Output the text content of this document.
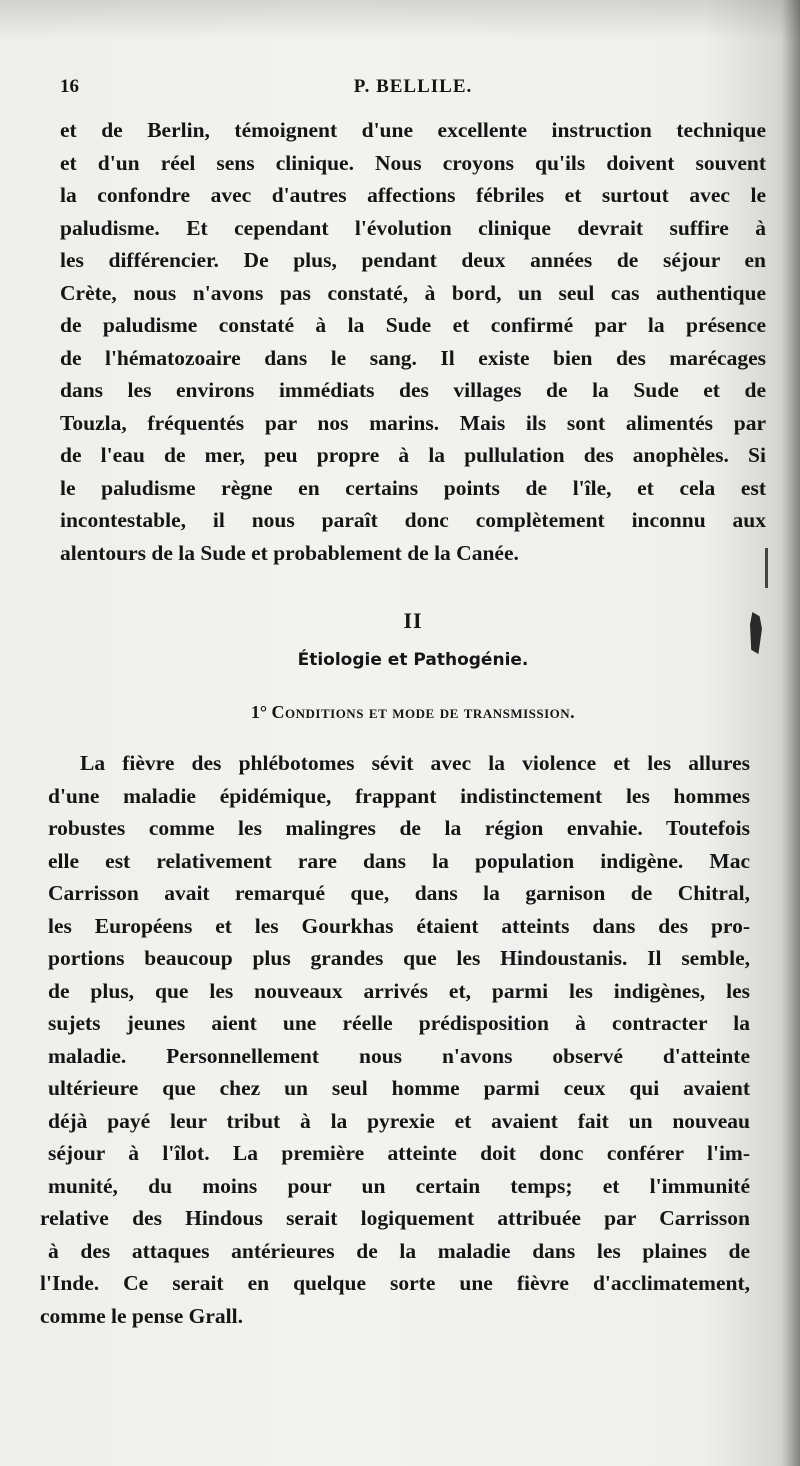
16	P. BELLILE.
et de Berlin, témoignent d'une excellente instruction technique
et d'un réel sens clinique. Nous croyons qu'ils doivent souvent
la confondre avec d'autres affections fébriles et surtout avec le
paludisme. Et cependant l'évolution clinique devrait suffire à
les différencier. De plus, pendant deux années de séjour en
Crète, nous n'avons pas constaté, à bord, un seul cas authentique
de paludisme constaté à la Sude et confirmé par la présence
de l'hématozoaire dans le sang. Il existe bien des marécages
dans les environs immédiats des villages de la Sude et de
Touzla, fréquentés par nos marins. Mais ils sont alimentés par
de l'eau de mer, peu propre à la pullulation des anophèles. Si
le paludisme règne en certains points de l'île, et cela est
incontestable, il nous paraît donc complètement inconnu aux
alentours de la Sude et probablement de la Canée.
II
Étiologie et Pathogénie.
1° Conditions et mode de transmission.
La fièvre des phlébotomes sévit avec la violence et les allures
d'une maladie épidémique, frappant indistinctement les hommes
robustes comme les malingres de la région envahie. Toutefois
elle est relativement rare dans la population indigène. Mac
Carrisson avait remarqué que, dans la garnison de Chitral,
les Européens et les Gourkhas étaient atteints dans des pro-
portions beaucoup plus grandes que les Hindoustanis. Il semble,
de plus, que les nouveaux arrivés et, parmi les indigènes, les
sujets jeunes aient une réelle prédisposition à contracter la
maladie. Personnellement nous n'avons observé d'atteinte
ultérieure que chez un seul homme parmi ceux qui avaient
déjà payé leur tribut à la pyrexie et avaient fait un nouveau
séjour à l'îlot. La première atteinte doit donc conférer l'im-
munité, du moins pour un certain temps; et l'immunité
relative des Hindous serait logiquement attribuée par Carrisson
à des attaques antérieures de la maladie dans les plaines de
l'Inde. Ce serait en quelque sorte une fièvre d'acclimatement,
comme le pense Grall.
